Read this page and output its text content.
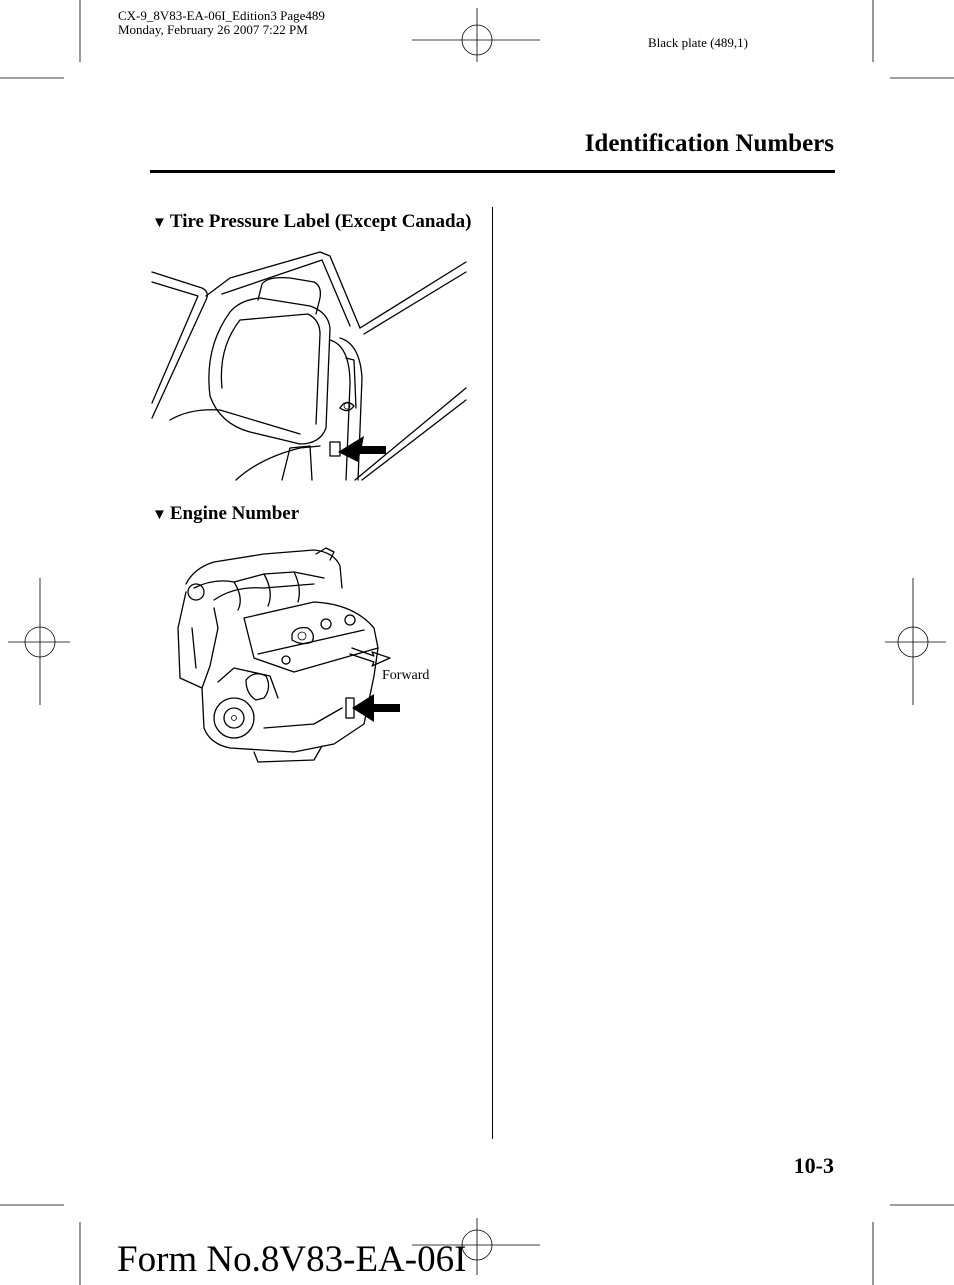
CX-9_8V83-EA-06I_Edition3 Page489
Monday, February 26 2007 7:22 PM
Black plate (489,1)
Identification Numbers
▼ Tire Pressure Label (Except Canada)
▼ Engine Number
Forward
10-3
Form No.8V83-EA-06I
